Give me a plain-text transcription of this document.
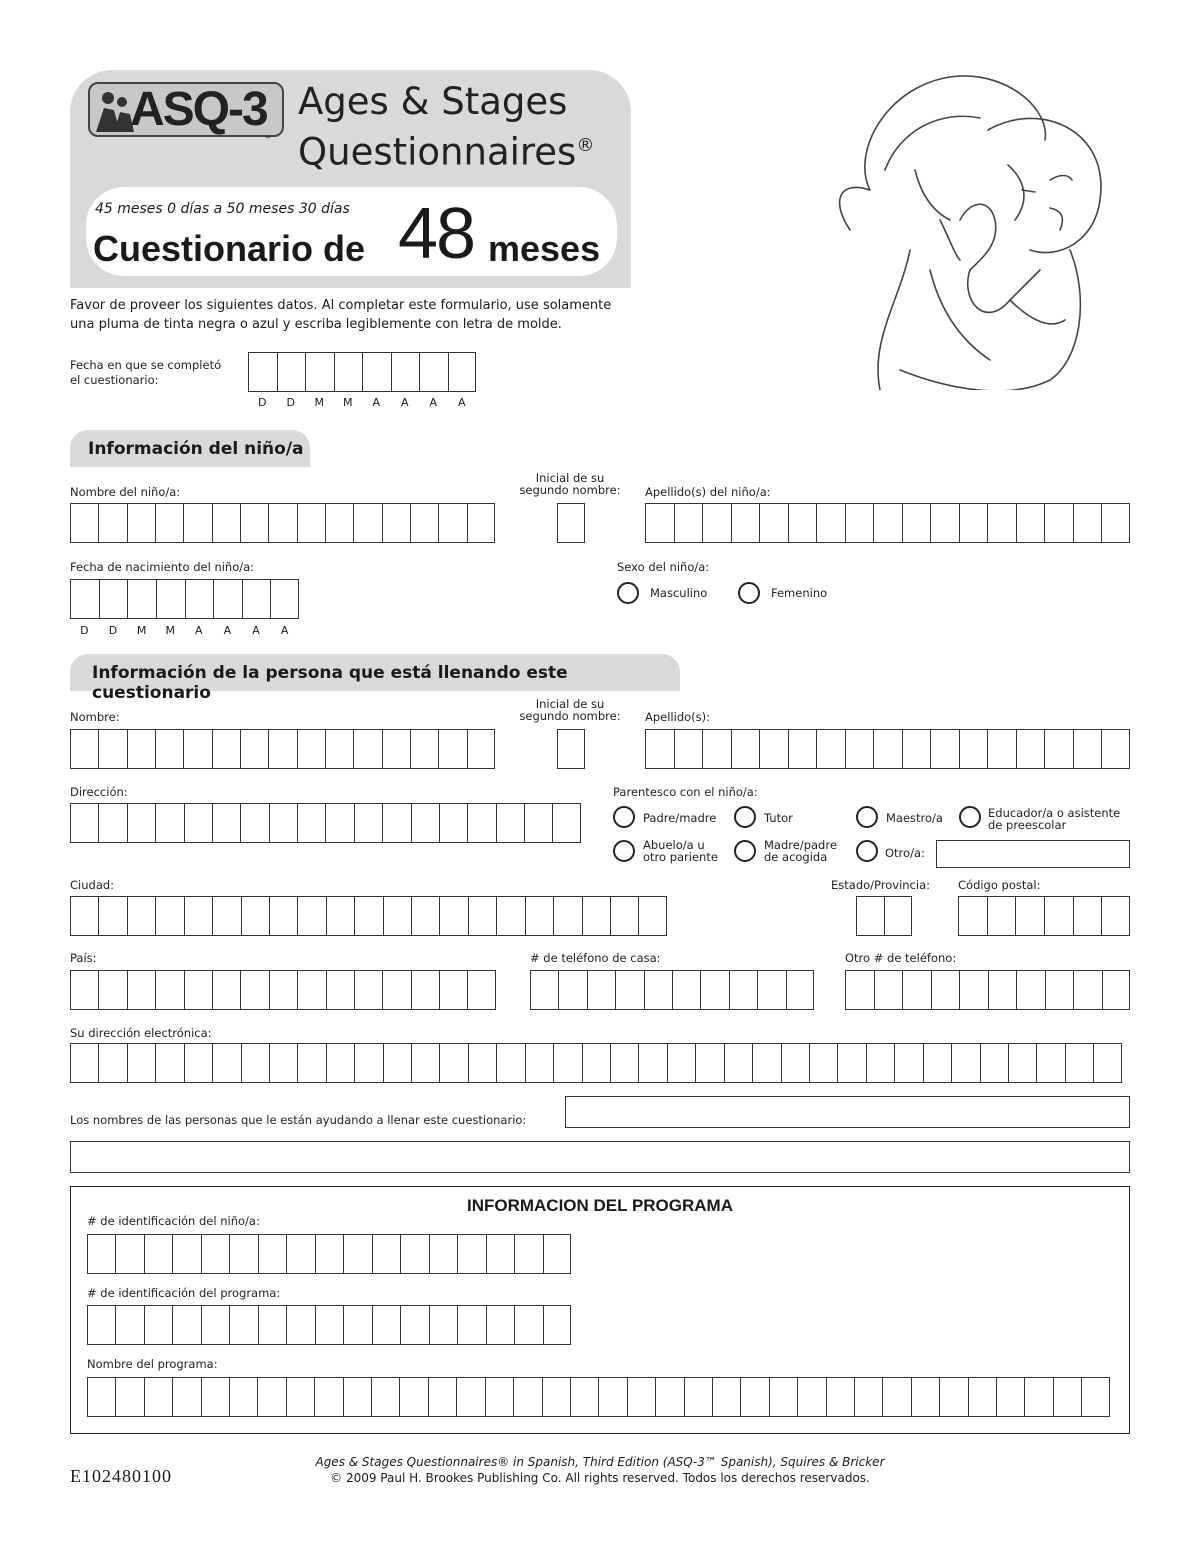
ASQ-3
™
Ages & Stages
Questionnaires®
45 meses 0 días a 50 meses 30 días
Cuestionario de 48 meses
Favor de proveer los siguientes datos. Al completar este formulario, use solamente
una pluma de tinta negra o azul y escriba legiblemente con letra de molde.
Fecha en que se completó
el cuestionario:
D	D	M	M	A	A	A	A
Información del niño/a
Nombre del niño/a:
Inicial de su
segundo nombre:	Apellido(s) del niño/a:
Fecha de nacimiento del niño/a:
D	D	M	M	A	A	A	A
Sexo del niño/a:
Masculino	Femenino
Información de la persona que está llenando este cuestionario
Nombre:
Inicial de su
segundo nombre:	Apellido(s):
Dirección:	Parentesco con el niño/a:
Padre/madre	Tutor	Maestro/a	Educador/a o asistente
de preescolar
Abuelo/a u
otro pariente
Madre/padre
de acogida	Otro/a:
Ciudad:	Estado/Provincia: Código postal:
País:	# de teléfono de casa:	Otro # de teléfono:
Su dirección electrónica:
Los nombres de las personas que le están ayudando a llenar este cuestionario:
INFORMACION DEL PROGRAMA
# de identificación del niño/a:
# de identificación del programa:
Nombre del programa:
E102480100
Ages & Stages Questionnaires® in Spanish, Third Edition (ASQ-3™ Spanish), Squires & Bricker
© 2009 Paul H. Brookes Publishing Co. All rights reserved. Todos los derechos reservados.
